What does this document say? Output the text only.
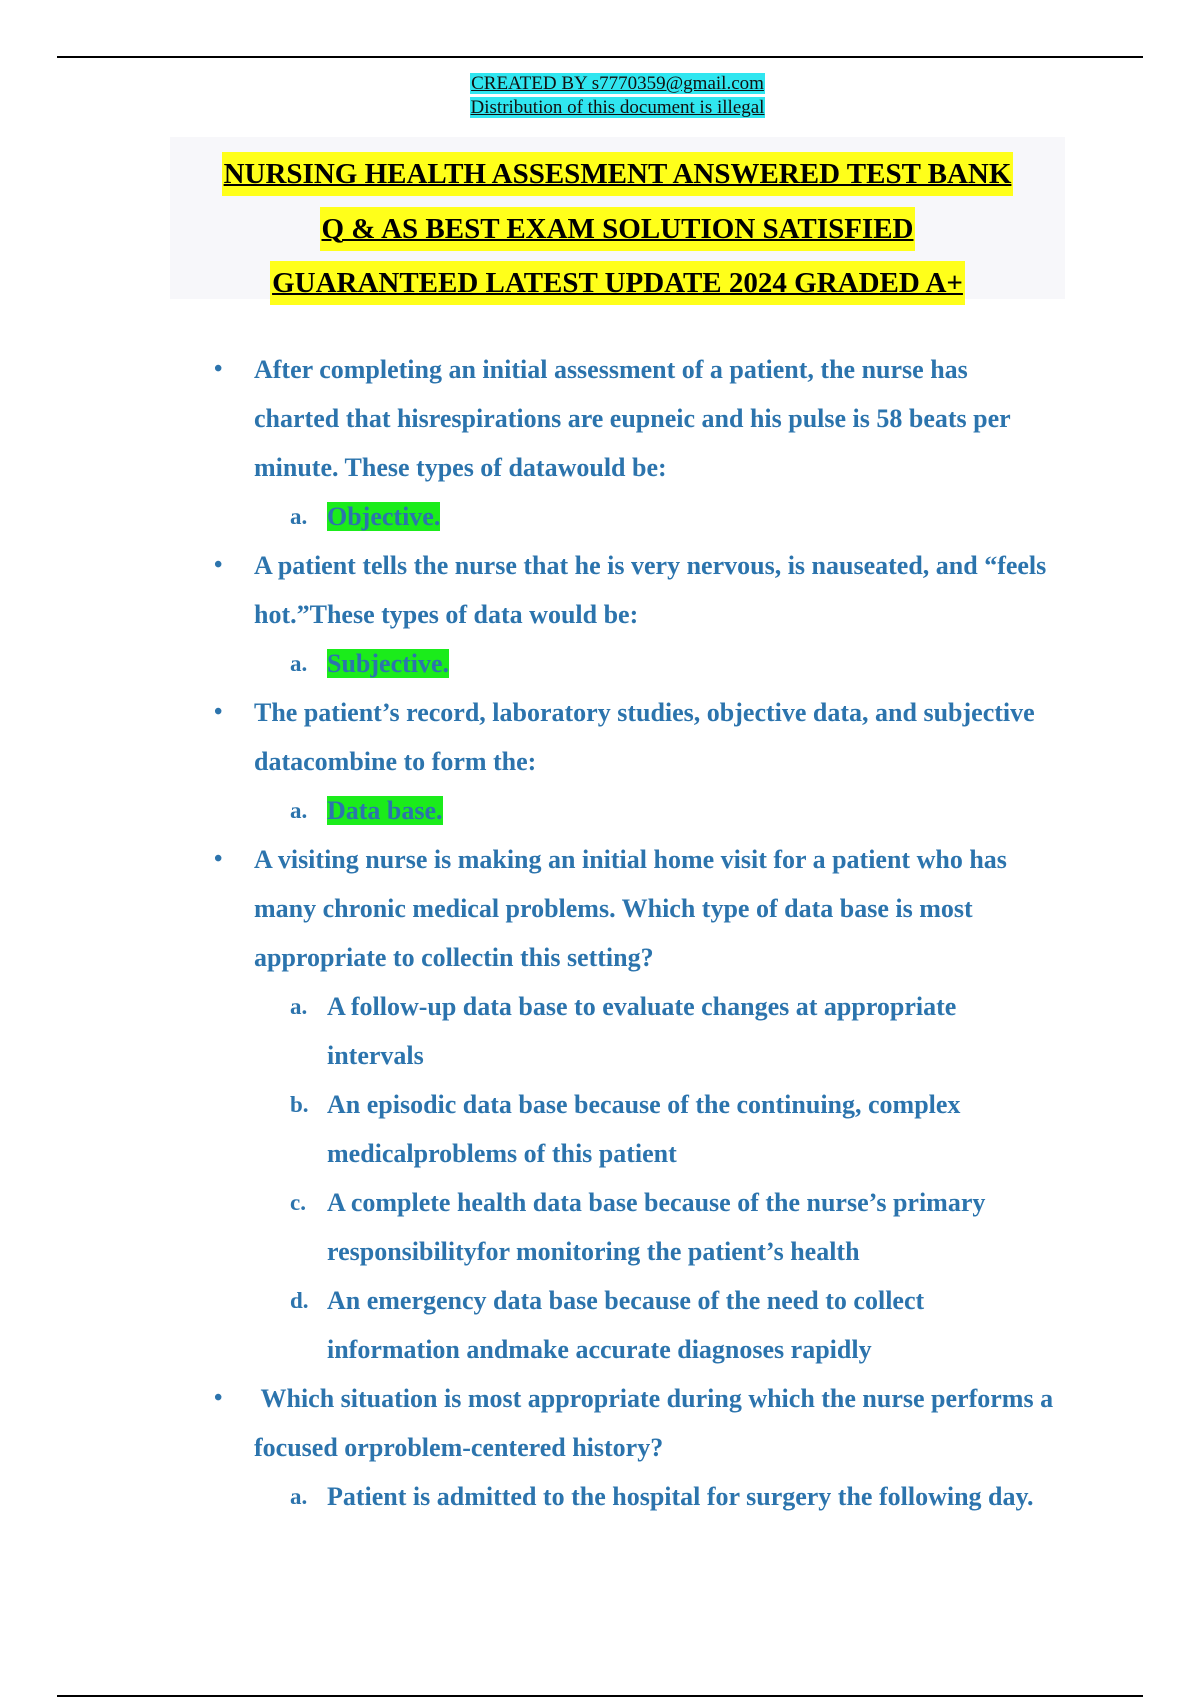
CREATED BY s7770359@gmail.com
Distribution of this document is illegal
NURSING HEALTH ASSESMENT ANSWERED TEST BANK
Q & AS BEST EXAM SOLUTION SATISFIED
GUARANTEED LATEST UPDATE 2024 GRADED A+
• After completing an initial assessment of a patient, the nurse has charted that hisrespirations are eupneic and his pulse is 58 beats per minute. These types of datawould be:
a. Objective.
• A patient tells the nurse that he is very nervous, is nauseated, and “feels hot.”These types of data would be:
a. Subjective.
• The patient’s record, laboratory studies, objective data, and subjective datacombine to form the:
a. Data base.
• A visiting nurse is making an initial home visit for a patient who has many chronic medical problems. Which type of data base is most appropriate to collectin this setting?
a. A follow-up data base to evaluate changes at appropriate intervals
b. An episodic data base because of the continuing, complex medicalproblems of this patient
c. A complete health data base because of the nurse’s primary responsibilityfor monitoring the patient’s health
d. An emergency data base because of the need to collect information andmake accurate diagnoses rapidly
• Which situation is most appropriate during which the nurse performs a focused orproblem-centered history?
a. Patient is admitted to the hospital for surgery the following day.
